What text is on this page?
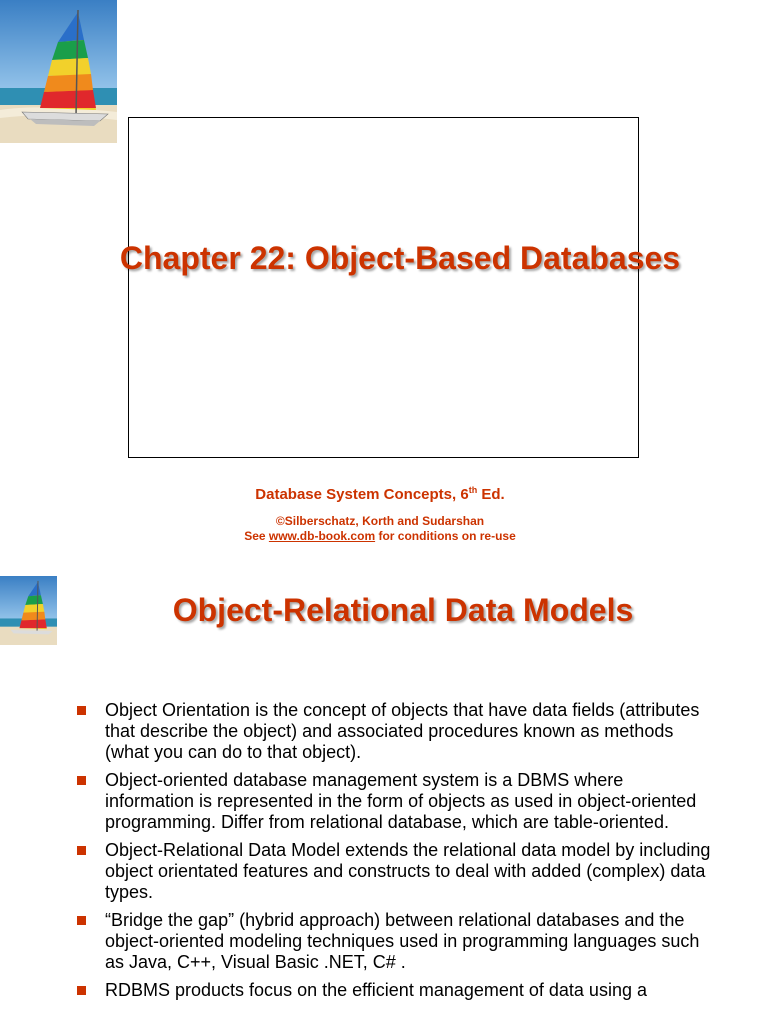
Chapter 22: Object-Based Databases

Database System Concepts, 6th Ed.

©Silberschatz, Korth and Sudarshan

See www.db-book.com for conditions on re-use

Object-Relational Data Models
Object Orientation is the concept of objects that have data fields (attributes that describe the object) and associated procedures known as methods (what you can do to that object).
Object-oriented database management system is a DBMS where information is represented in the form of objects as used in object-oriented programming. Differ from relational database, which are table-oriented.
Object-Relational Data Model extends the relational data model by including object orientated features and constructs to deal with added (complex) data types.
“Bridge the gap” (hybrid approach) between relational databases and the object-oriented modeling techniques used in programming languages such as Java, C++, Visual Basic .NET, C# .
RDBMS products focus on the efficient management of data using a
